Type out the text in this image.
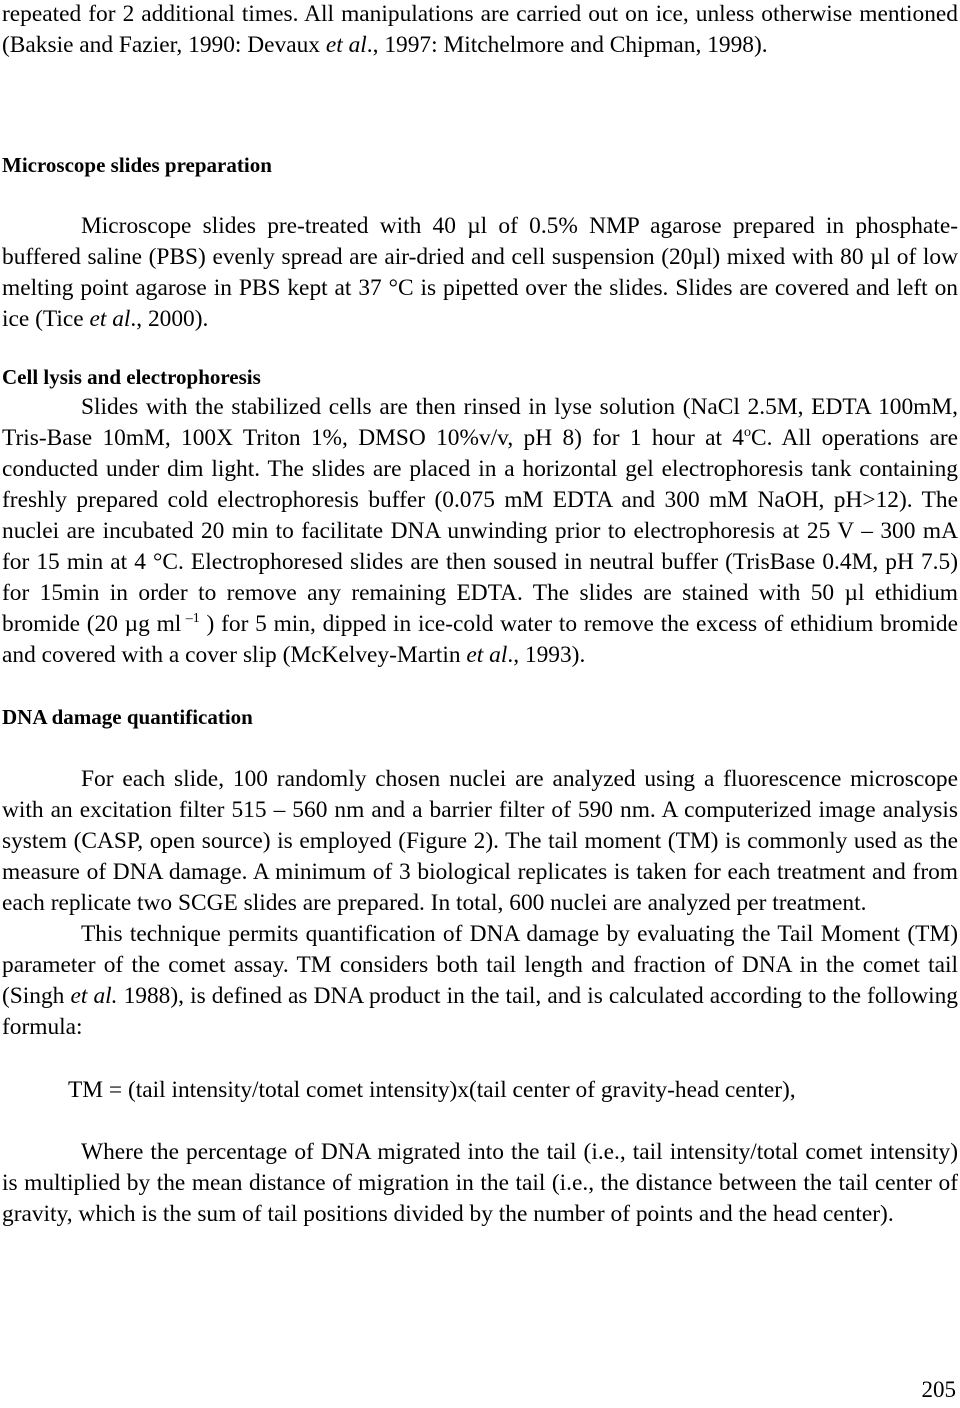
repeated for 2 additional times. All manipulations are carried out on ice, unless otherwise mentioned (Baksie and Fazier, 1990: Devaux et al., 1997: Mitchelmore and Chipman, 1998).

Microscope slides preparation

Microscope slides pre-treated with 40 µl of 0.5% NMP agarose prepared in phosphate-buffered saline (PBS) evenly spread are air-dried and cell suspension (20µl) mixed with 80 µl of low melting point agarose in PBS kept at 37 °C is pipetted over the slides. Slides are covered and left on ice (Tice et al., 2000).

Cell lysis and electrophoresis

Slides with the stabilized cells are then rinsed in lyse solution (NaCl 2.5M, EDTA 100mM, Tris-Base 10mM, 100X Triton 1%, DMSO 10%v/v, pH 8) for 1 hour at 4$^o$C. All operations are conducted under dim light. The slides are placed in a horizontal gel electrophoresis tank containing freshly prepared cold electrophoresis buffer (0.075 mM EDTA and 300 mM NaOH, pH>12). The nuclei are incubated 20 min to facilitate DNA unwinding prior to electrophoresis at 25 V – 300 mA for 15 min at 4 °C. Electrophoresed slides are then soused in neutral buffer (TrisBase 0.4M, pH 7.5) for 15min in order to remove any remaining EDTA. The slides are stained with 50 µl ethidium bromide (20 µg ml $^{-1}$ ) for 5 min, dipped in ice-cold water to remove the excess of ethidium bromide and covered with a cover slip (McKelvey-Martin et al., 1993).

DNA damage quantification

For each slide, 100 randomly chosen nuclei are analyzed using a fluorescence microscope with an excitation filter 515 – 560 nm and a barrier filter of 590 nm. A computerized image analysis system (CASP, open source) is employed (Figure 2). The tail moment (TM) is commonly used as the measure of DNA damage. A minimum of 3 biological replicates is taken for each treatment and from each replicate two SCGE slides are prepared. In total, 600 nuclei are analyzed per treatment.

This technique permits quantification of DNA damage by evaluating the Tail Moment (TM) parameter of the comet assay. TM considers both tail length and fraction of DNA in the comet tail (Singh et al. 1988), is defined as DNA product in the tail, and is calculated according to the following formula:

TM = (tail intensity/total comet intensity)x(tail center of gravity-head center),

Where the percentage of DNA migrated into the tail (i.e., tail intensity/total comet intensity) is multiplied by the mean distance of migration in the tail (i.e., the distance between the tail center of gravity, which is the sum of tail positions divided by the number of points and the head center).

205
